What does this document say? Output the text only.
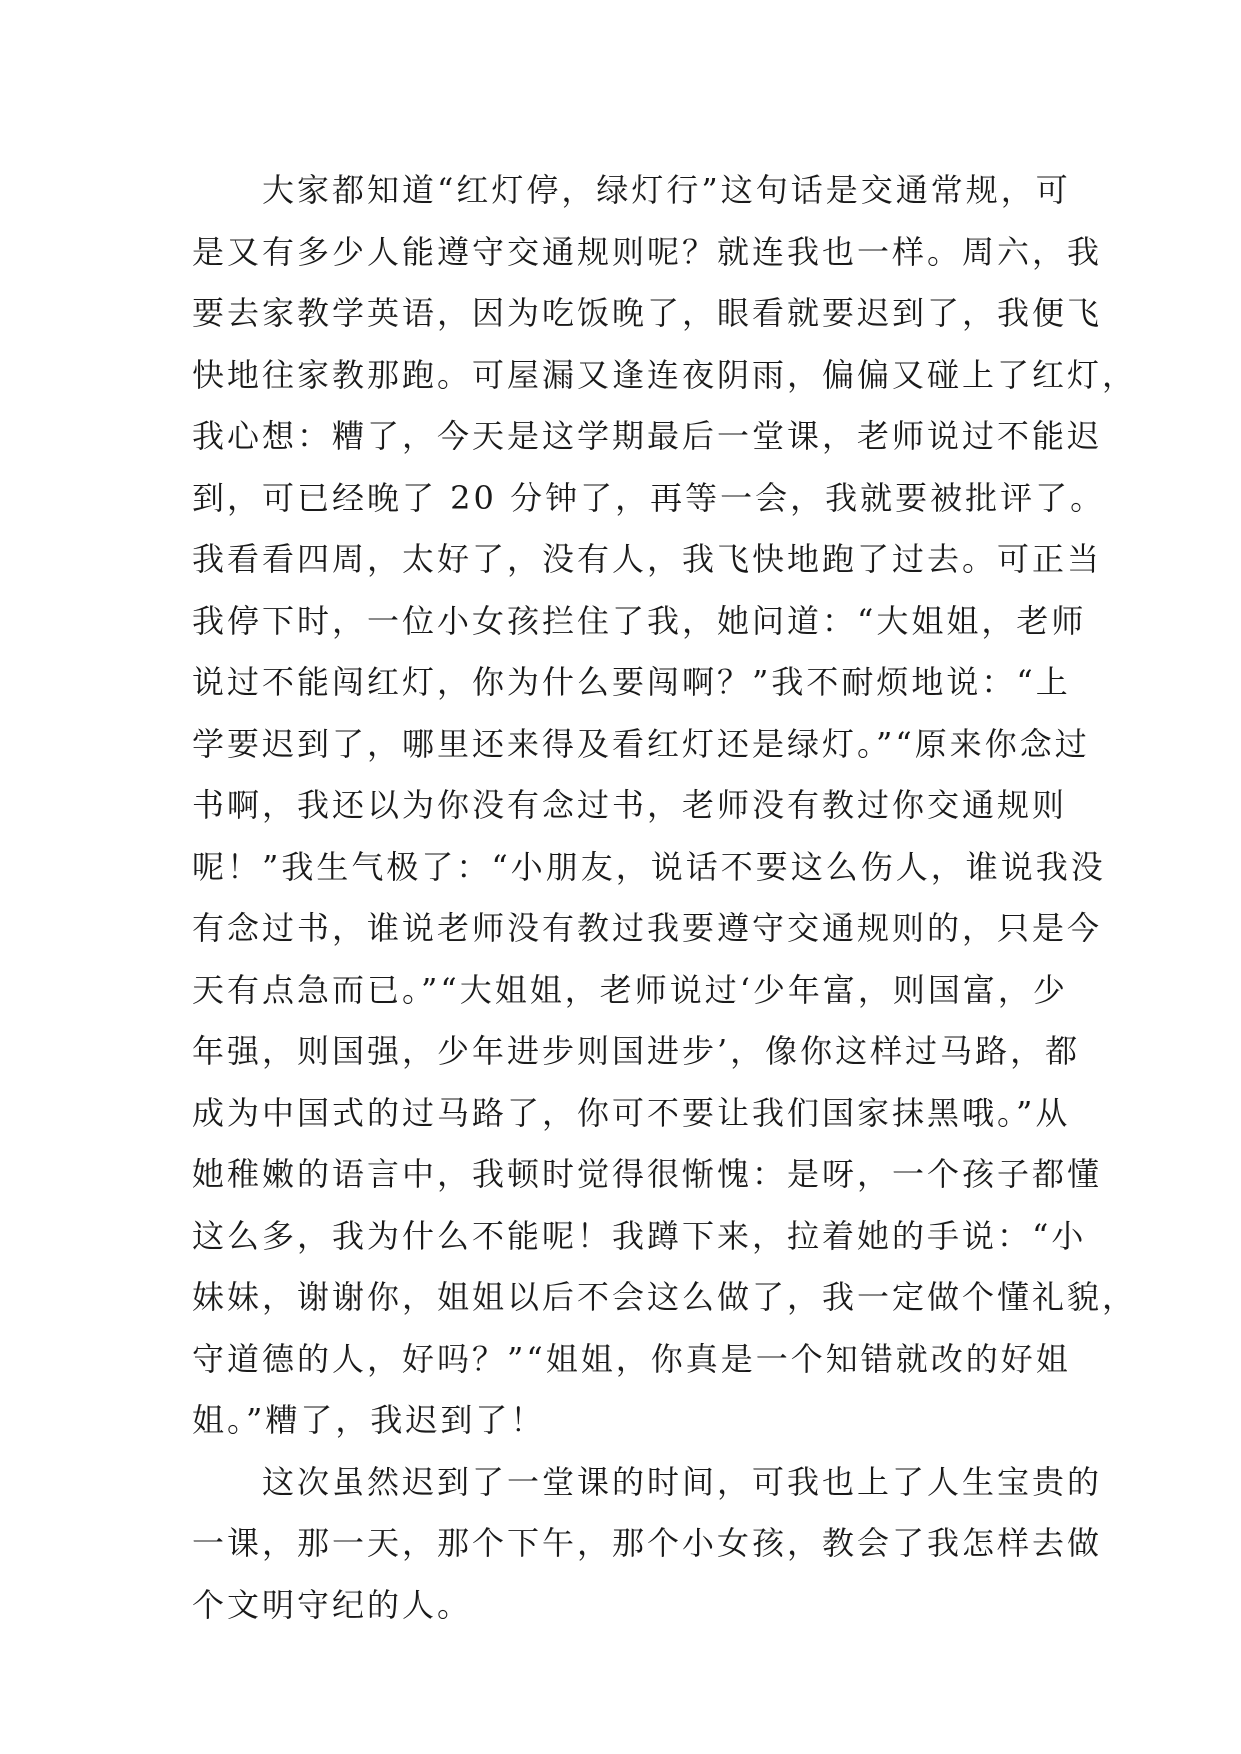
　　大家都知道“红灯停，绿灯行”这句话是交通常规，可
是又有多少人能遵守交通规则呢？就连我也一样。周六，我
要去家教学英语，因为吃饭晚了，眼看就要迟到了，我便飞
快地往家教那跑。可屋漏又逢连夜阴雨，偏偏又碰上了红灯，
我心想：糟了，今天是这学期最后一堂课，老师说过不能迟
到，可已经晚了 20 分钟了，再等一会，我就要被批评了。
我看看四周，太好了，没有人，我飞快地跑了过去。可正当
我停下时，一位小女孩拦住了我，她问道：“大姐姐，老师
说过不能闯红灯，你为什么要闯啊？”我不耐烦地说：“上
学要迟到了，哪里还来得及看红灯还是绿灯。”“原来你念过
书啊，我还以为你没有念过书，老师没有教过你交通规则
呢！”我生气极了：“小朋友，说话不要这么伤人，谁说我没
有念过书，谁说老师没有教过我要遵守交通规则的，只是今
天有点急而已。”“大姐姐，老师说过‘少年富，则国富，少
年强，则国强，少年进步则国进步’，像你这样过马路，都
成为中国式的过马路了，你可不要让我们国家抹黑哦。”从
她稚嫩的语言中，我顿时觉得很惭愧：是呀，一个孩子都懂
这么多，我为什么不能呢！我蹲下来，拉着她的手说：“小
妹妹，谢谢你，姐姐以后不会这么做了，我一定做个懂礼貌，
守道德的人，好吗？”“姐姐，你真是一个知错就改的好姐
姐。”糟了，我迟到了！

　　这次虽然迟到了一堂课的时间，可我也上了人生宝贵的
一课，那一天，那个下午，那个小女孩，教会了我怎样去做
个文明守纪的人。
